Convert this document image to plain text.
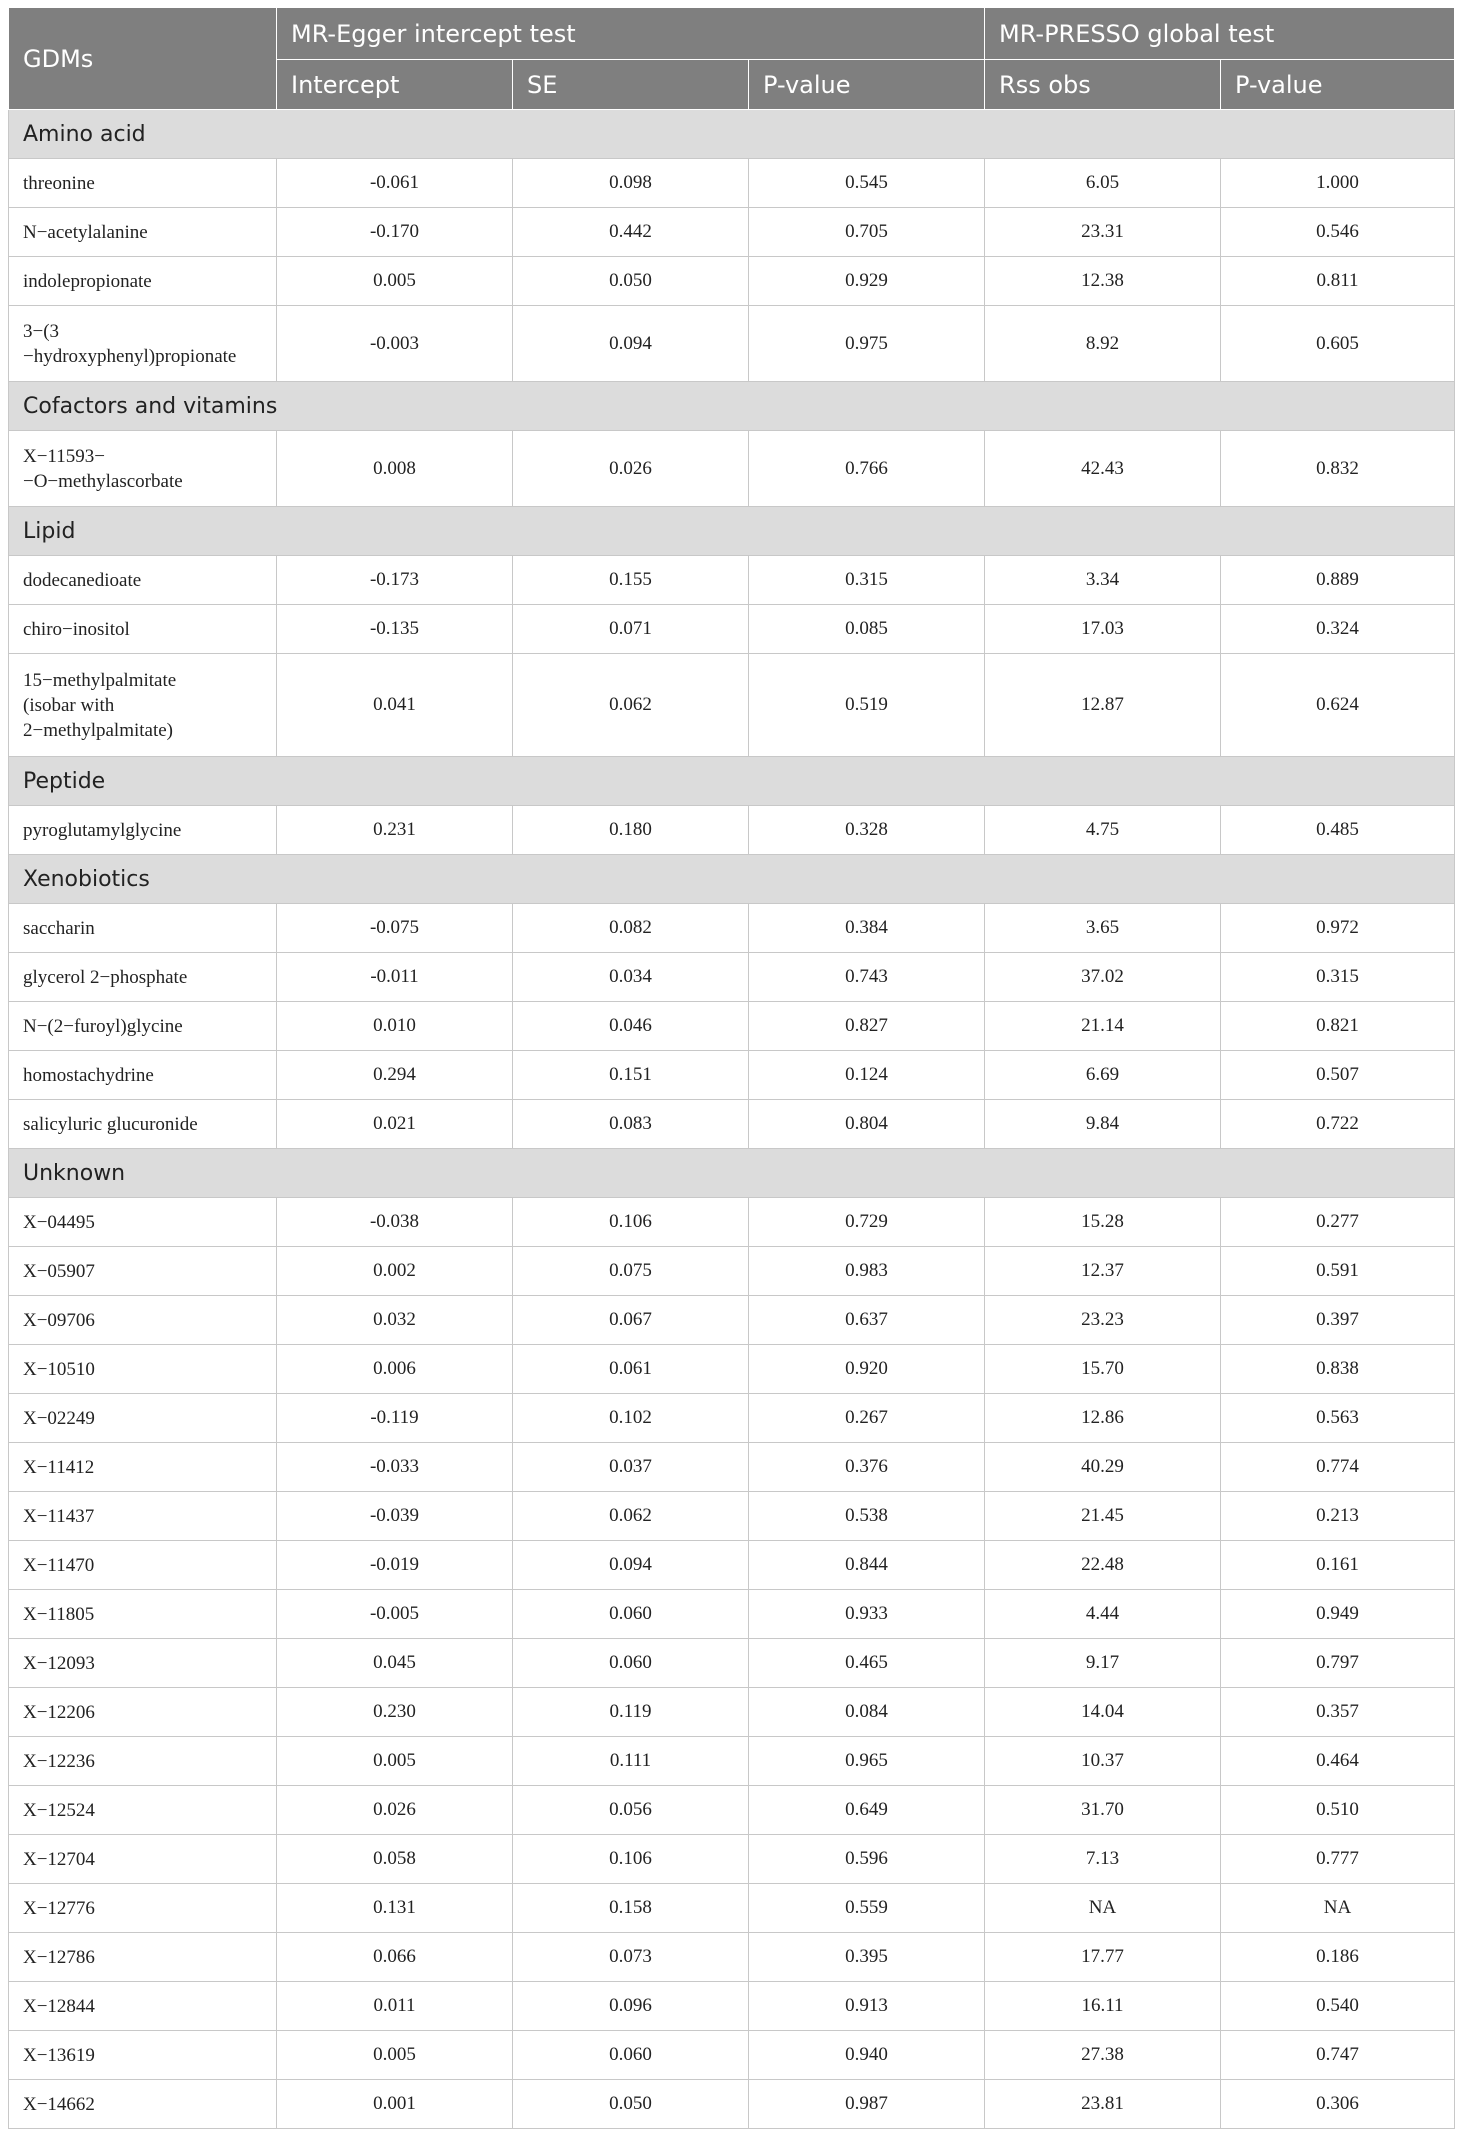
GDMs	MR-Egger intercept test			MR-PRESSO global test	
	Intercept	SE	P-value	Rss obs	P-value
Amino acid					
threonine	-0.061	0.098	0.545	6.05	1.000
N−acetylalanine	-0.170	0.442	0.705	23.31	0.546
indolepropionate	0.005	0.050	0.929	12.38	0.811
3−(3
−hydroxyphenyl)propionate	-0.003	0.094	0.975	8.92	0.605
Cofactors and vitamins					
X−11593−
−O−methylascorbate	0.008	0.026	0.766	42.43	0.832
Lipid					
dodecanedioate	-0.173	0.155	0.315	3.34	0.889
chiro−inositol	-0.135	0.071	0.085	17.03	0.324
15−methylpalmitate
(isobar with
2−methylpalmitate)	0.041	0.062	0.519	12.87	0.624
Peptide					
pyroglutamylglycine	0.231	0.180	0.328	4.75	0.485
Xenobiotics					
saccharin	-0.075	0.082	0.384	3.65	0.972
glycerol 2−phosphate	-0.011	0.034	0.743	37.02	0.315
N−(2−furoyl)glycine	0.010	0.046	0.827	21.14	0.821
homostachydrine	0.294	0.151	0.124	6.69	0.507
salicyluric glucuronide	0.021	0.083	0.804	9.84	0.722
Unknown					
X−04495	-0.038	0.106	0.729	15.28	0.277
X−05907	0.002	0.075	0.983	12.37	0.591
X−09706	0.032	0.067	0.637	23.23	0.397
X−10510	0.006	0.061	0.920	15.70	0.838
X−02249	-0.119	0.102	0.267	12.86	0.563
X−11412	-0.033	0.037	0.376	40.29	0.774
X−11437	-0.039	0.062	0.538	21.45	0.213
X−11470	-0.019	0.094	0.844	22.48	0.161
X−11805	-0.005	0.060	0.933	4.44	0.949
X−12093	0.045	0.060	0.465	9.17	0.797
X−12206	0.230	0.119	0.084	14.04	0.357
X−12236	0.005	0.111	0.965	10.37	0.464
X−12524	0.026	0.056	0.649	31.70	0.510
X−12704	0.058	0.106	0.596	7.13	0.777
X−12776	0.131	0.158	0.559	NA	NA
X−12786	0.066	0.073	0.395	17.77	0.186
X−12844	0.011	0.096	0.913	16.11	0.540
X−13619	0.005	0.060	0.940	27.38	0.747
X−14662	0.001	0.050	0.987	23.81	0.306
